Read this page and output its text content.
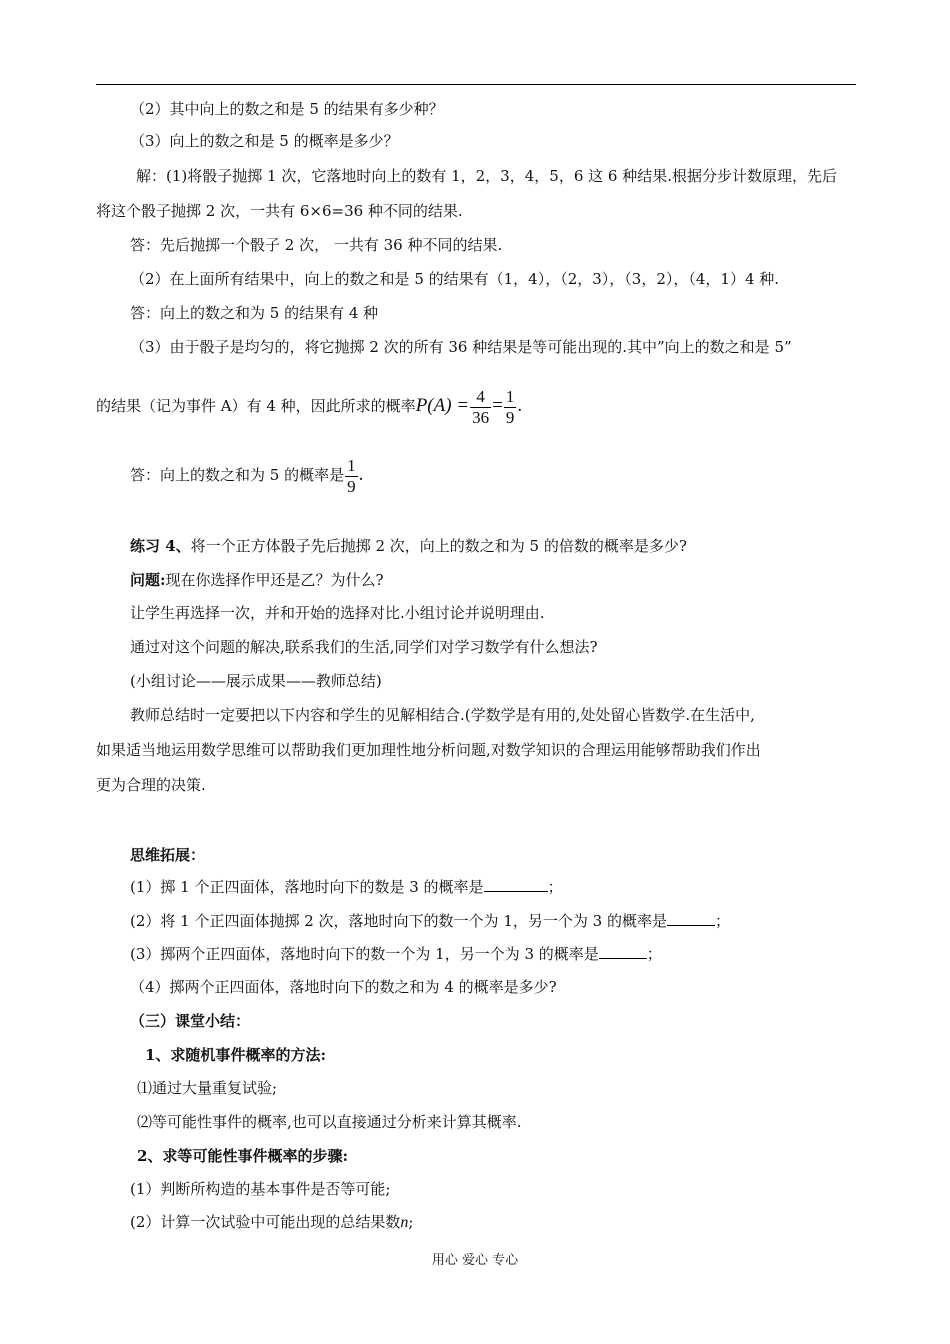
（2）其中向上的数之和是 5 的结果有多少种？
（3）向上的数之和是 5 的概率是多少？
解：(1)将骰子抛掷 1 次，它落地时向上的数有 1，2，3，4，5，6 这 6 种结果.根据分步计数原理，先后
将这个骰子抛掷 2 次，一共有 6×6=36 种不同的结果.
答：先后抛掷一个骰子 2 次， 一共有 36 种不同的结果.
（2）在上面所有结果中，向上的数之和是 5 的结果有（1，4），（2，3），（3，2），（4，1）4 种.
答：向上的数之和为 5 的结果有 4 种
（3）由于骰子是均匀的，将它抛掷 2 次的所有 36 种结果是等可能出现的.其中”向上的数之和是 5”
的结果（记为事件 A）有 4 种，因此所求的概率$P(A) = \frac{4}{36} = \frac{1}{9}$ .
答：向上的数之和为 5 的概率是 $\frac{1}{9}$ .
练习 4、将一个正方体骰子先后抛掷 2 次，向上的数之和为 5 的倍数的概率是多少?
问题:现在你选择作甲还是乙？为什么?
让学生再选择一次，并和开始的选择对比.小组讨论并说明理由.
通过对这个问题的解决,联系我们的生活,同学们对学习数学有什么想法?
(小组讨论——展示成果——教师总结)
教师总结时一定要把以下内容和学生的见解相结合.(学数学是有用的,处处留心皆数学.在生活中,
如果适当地运用数学思维可以帮助我们更加理性地分析问题,对数学知识的合理运用能够帮助我们作出
更为合理的决策.
思维拓展：
(1）掷 1 个正四面体，落地时向下的数是 3 的概率是	；
(2）将 1 个正四面体抛掷 2 次，落地时向下的数一个为 1，另一个为 3 的概率是	；
(3）掷两个正四面体，落地时向下的数一个为 1，另一个为 3 的概率是	；
（4）掷两个正四面体，落地时向下的数之和为 4 的概率是多少?
（三）课堂小结：
1、求随机事件概率的方法:
⑴通过大量重复试验;
⑵等可能性事件的概率,也可以直接通过分析来计算其概率.
2、求等可能性事件概率的步骤:
(1）判断所构造的基本事件是否等可能;
(2）计算一次试验中可能出现的总结果数n;
用心 爱心 专心
